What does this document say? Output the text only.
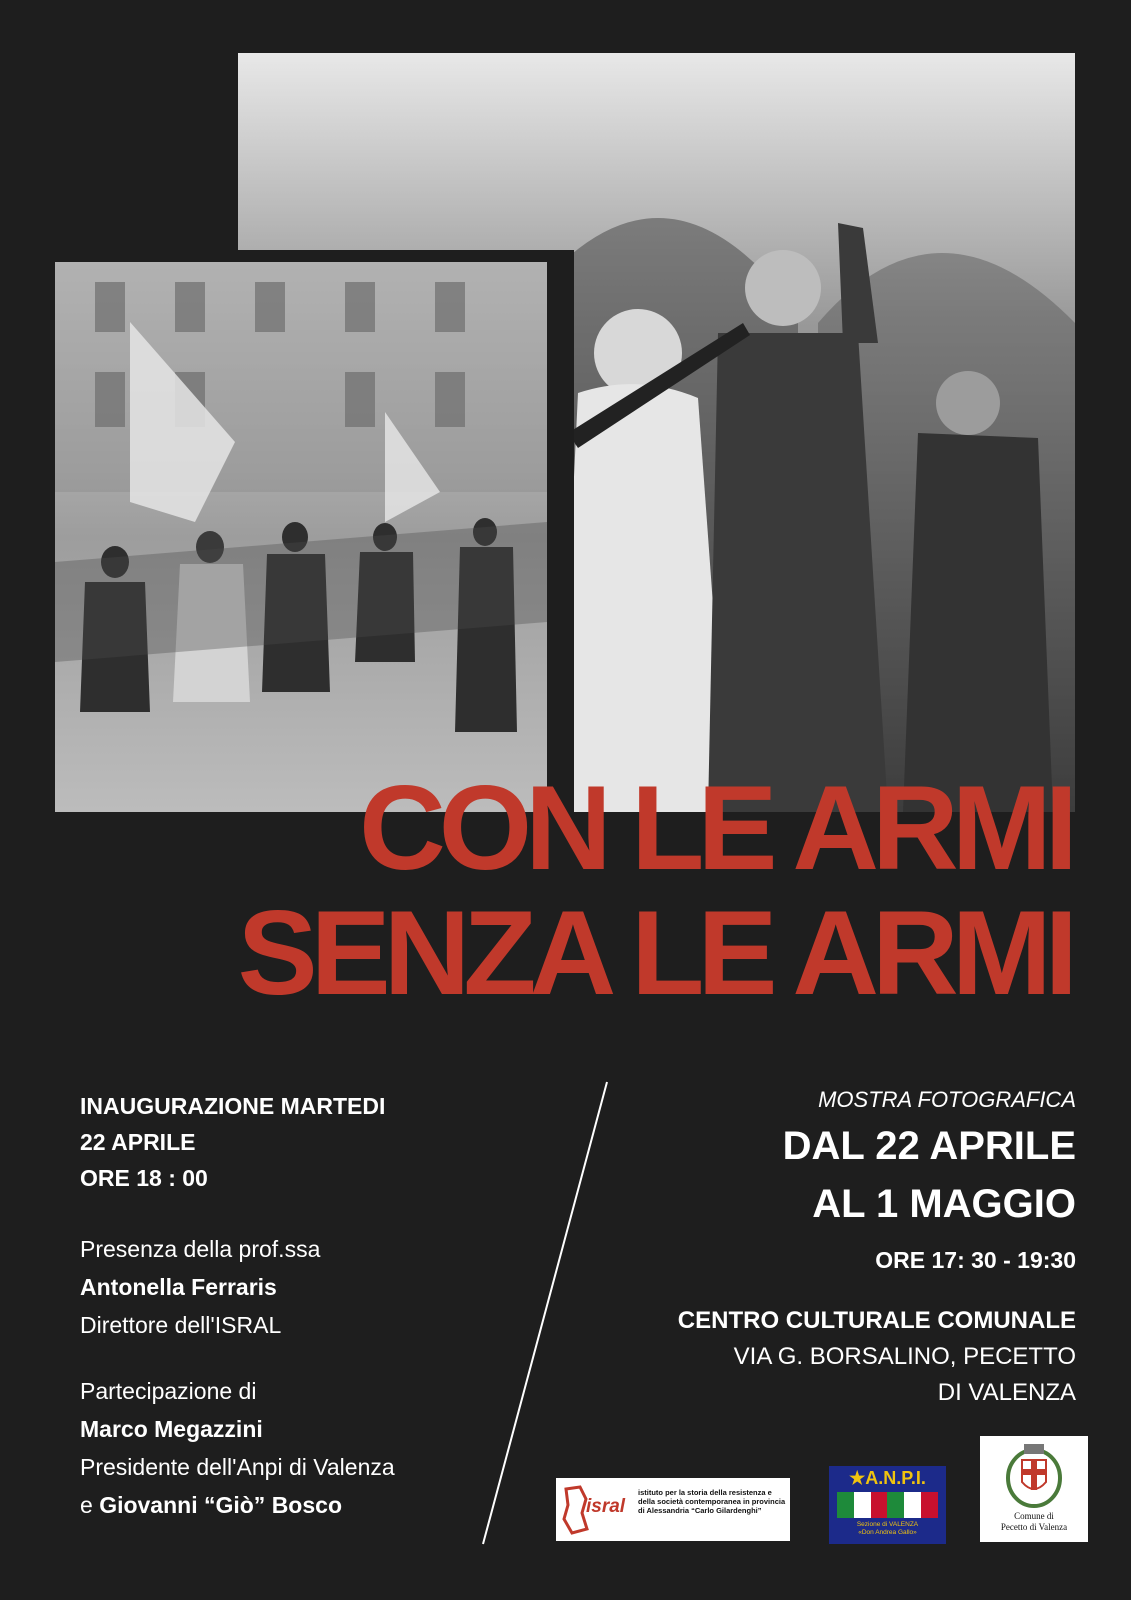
CON LE ARMI
SENZA LE ARMI
INAUGURAZIONE MARTEDI
22 APRILE
ORE 18 : 00
Presenza della prof.ssa
Antonella Ferraris
Direttore dell'ISRAL
Partecipazione di
Marco Megazzini
Presidente dell'Anpi di Valenza
e Giovanni “Giò” Bosco
MOSTRA FOTOGRAFICA
DAL 22 APRILE
AL 1 MAGGIO
ORE 17: 30 - 19:30
CENTRO CULTURALE COMUNALE
VIA G. BORSALINO, PECETTO
DI VALENZA
isral
istituto per la storia della resistenza e della società contemporanea in provincia di Alessandria “Carlo Gilardenghi”
★A.N.P.I.
Sezione di VALENZA
«Don Andrea Gallo»
Comune di
Pecetto di Valenza
